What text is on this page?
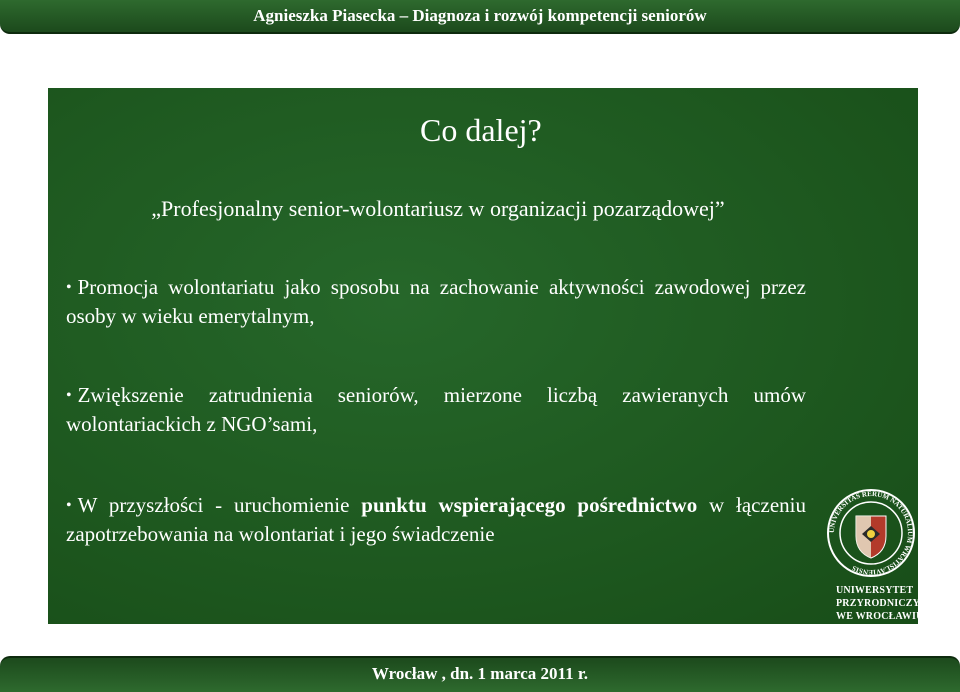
Agnieszka Piasecka – Diagnoza i rozwój kompetencji seniorów
Co dalej?
„Profesjonalny senior-wolontariusz w organizacji pozarządowej”
• Promocja wolontariatu jako sposobu na zachowanie aktywności zawodowej przez osoby w wieku emerytalnym,
• Zwiększenie zatrudnienia seniorów, mierzone liczbą zawieranych umów wolontariackich z NGO’sami,
• W przyszłości - uruchomienie punktu wspierającego pośrednictwo w łączeniu zapotrzebowania na wolontariat i jego świadczenie	UNIVERSITAS RERUM NATURALIUM WRATISLAVIENSIS
UNIWERSYTET
PRZYRODNICZY
WE WROCŁAWIU
Wrocław , dn. 1 marca 2011 r.
